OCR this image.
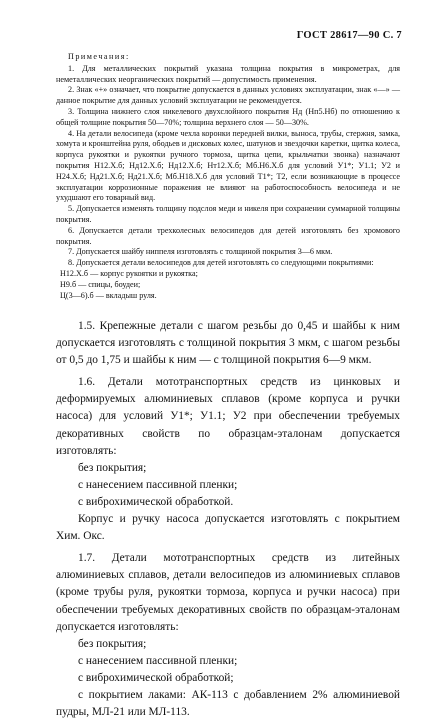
ГОСТ 28617—90 С. 7

Примечания:

1. Для металлических покрытий указана толщина покрытия в микрометрах, для неметаллических неорганических покрытий — допустимость применения.

2. Знак «+» означает, что покрытие допускается в данных условиях эксплуатации, знак «—» — данное покрытие для данных условий эксплуатации не рекомендуется.

3. Толщина нижнего слоя никелевого двухслойного покрытия Нд (Нп5.Нб) по отношению к общей толщине покрытия 50—70%; толщина верхнего слоя — 50—30%.

4. На детали велосипеда (кроме чехла коронки передней вилки, выноса, трубы, стержня, замка, хомута и кронштейна руля, ободьев и дисковых колес, шатунов и звездочки каретки, щитка колеса, корпуса рукоятки и рукоятки ручного тормоза, щитка цепи, крыльчатки звонка) назначают покрытия Н12.Х.б; Нд12.Х.б; Нд12.Х.б; Нт12.Х.б; Мб.Н6.Х.б для условий У1*; У1.1; У2 и Н24.Х.б; Нд21.Х.б; Нд21.Х.б; Мб.Н18.Х.б для условий Т1*; Т2, если возникающие в процессе эксплуатации коррозионные поражения не влияют на работоспособность велосипеда и не ухудшают его товарный вид.

5. Допускается изменять толщину подслоя меди и никеля при сохранении суммарной толщины покрытия.

6. Допускается детали трехколесных велосипедов для детей изготовлять без хромового покрытия.

7. Допускается шайбу ниппеля изготовлять с толщиной покрытия 3—6 мкм.

8. Допускается детали велосипедов для детей изготовлять со следующими покрытиями:

Н12.Х.б — корпус рукоятки и рукоятка;

Н9.б — спицы, боудеи;

Ц(3—6).б — вкладыш руля.

1.5. Крепежные детали с шагом резьбы до 0,45 и шайбы к ним допускается изготовлять с толщиной покрытия 3 мкм, с шагом резьбы от 0,5 до 1,75 и шайбы к ним — с толщиной покрытия 6—9 мкм.

1.6. Детали мототранспортных средств из цинковых и деформируемых алюминиевых сплавов (кроме корпуса и ручки насоса) для условий У1*; У1.1; У2 при обеспечении требуемых декоративных свойств по образцам-эталонам допускается изготовлять:

без покрытия;

с нанесением пассивной пленки;

с виброхимической обработкой.

Корпус и ручку насоса допускается изготовлять с покрытием Хим. Окс.

1.7. Детали мототранспортных средств из литейных алюминиевых сплавов, детали велосипедов из алюминиевых сплавов (кроме трубы руля, рукоятки тормоза, корпуса и ручки насоса) при обеспечении требуемых декоративных свойств по образцам-эталонам допускается изготовлять:

без покрытия;

с нанесением пассивной пленки;

с виброхимической обработкой;

с покрытием лаками: АК-113 с добавлением 2% алюминиевой пудры, МЛ-21 или МЛ-113.
